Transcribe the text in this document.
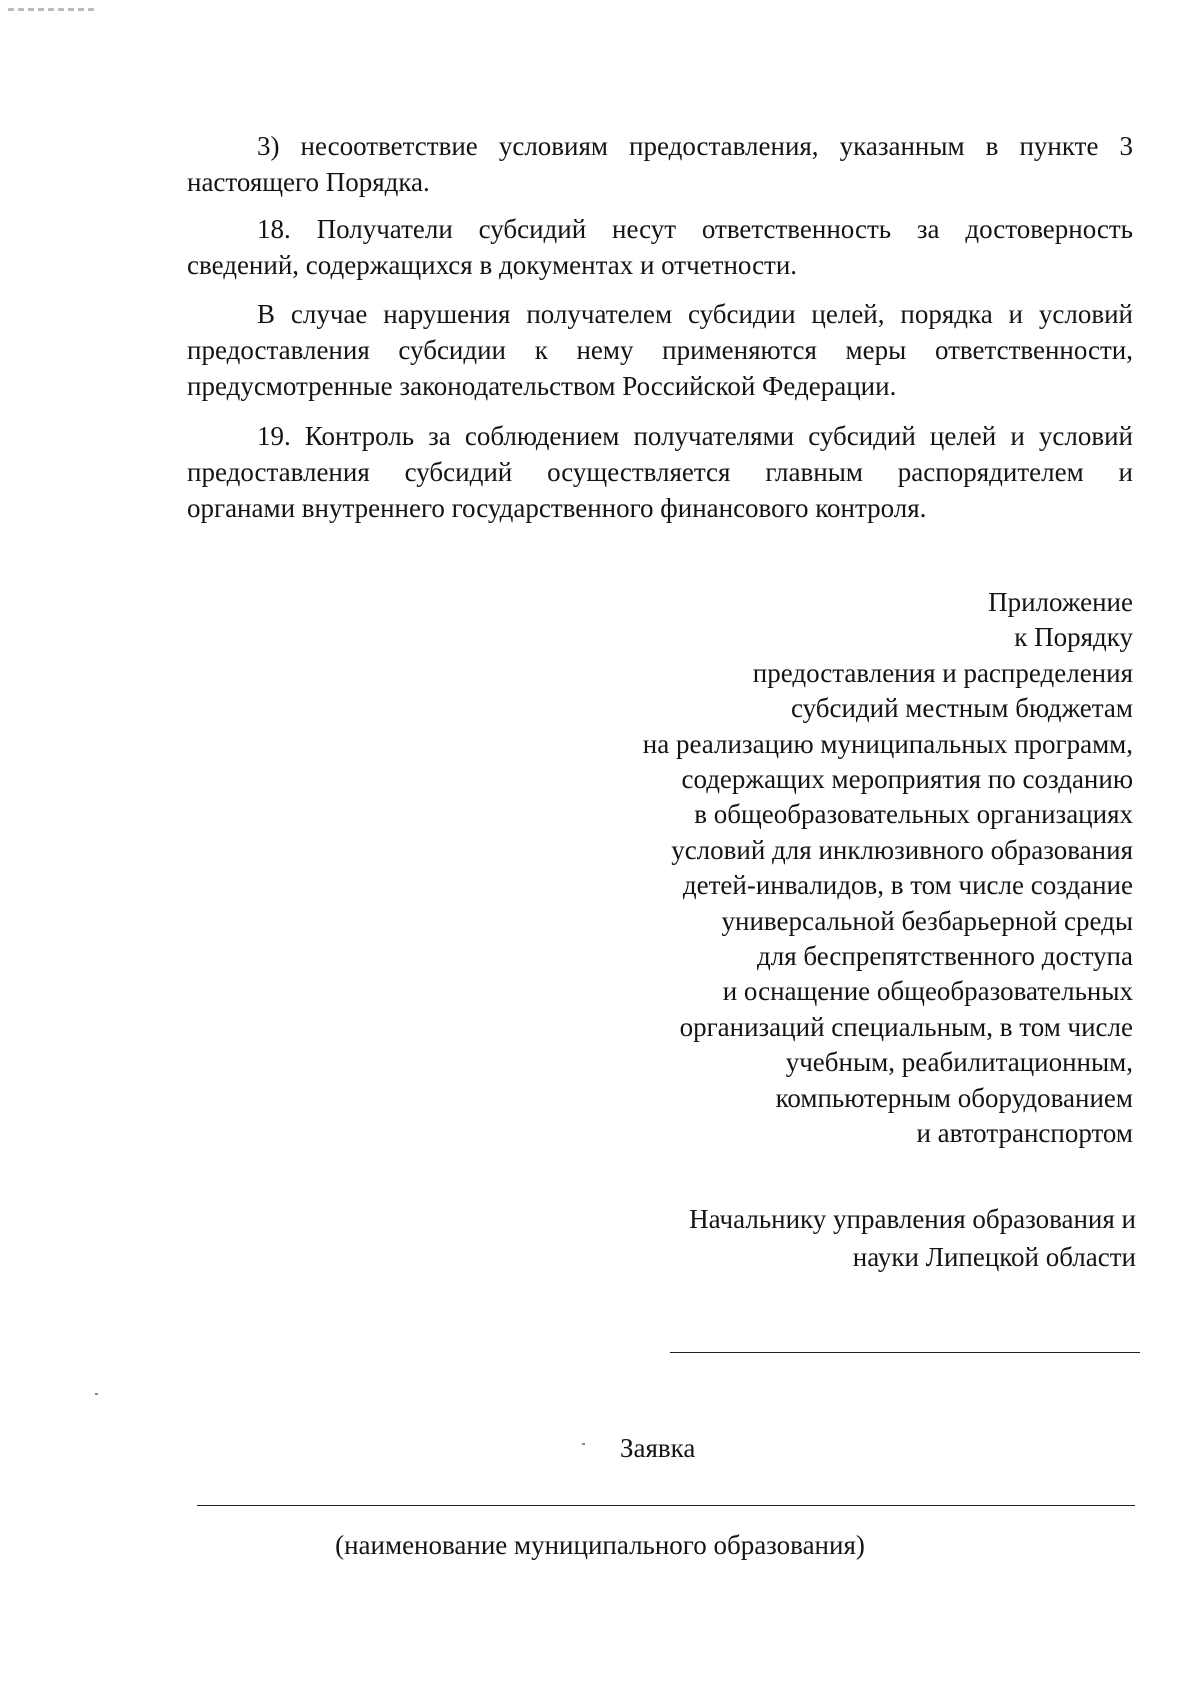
3) несоответствие условиям предоставления, указанным в пункте 3
настоящего Порядка.
18. Получатели субсидий несут ответственность за достоверность
сведений, содержащихся в документах и отчетности.
В случае нарушения получателем субсидии целей, порядка и условий
предоставления субсидии к нему применяются меры ответственности,
предусмотренные законодательством Российской Федерации.
19. Контроль за соблюдением получателями субсидий целей и условий
предоставления субсидий осуществляется главным распорядителем и
органами внутреннего государственного финансового контроля.
Приложение
к Порядку
предоставления и распределения
субсидий местным бюджетам
на реализацию муниципальных программ,
содержащих мероприятия по созданию
в общеобразовательных организациях
условий для инклюзивного образования
детей-инвалидов, в том числе создание
универсальной безбарьерной среды
для беспрепятственного доступа
и оснащение общеобразовательных
организаций специальным, в том числе
учебным, реабилитационным,
компьютерным оборудованием
и автотранспортом
Начальнику управления образования и
науки Липецкой области
Заявка
(наименование муниципального образования)
